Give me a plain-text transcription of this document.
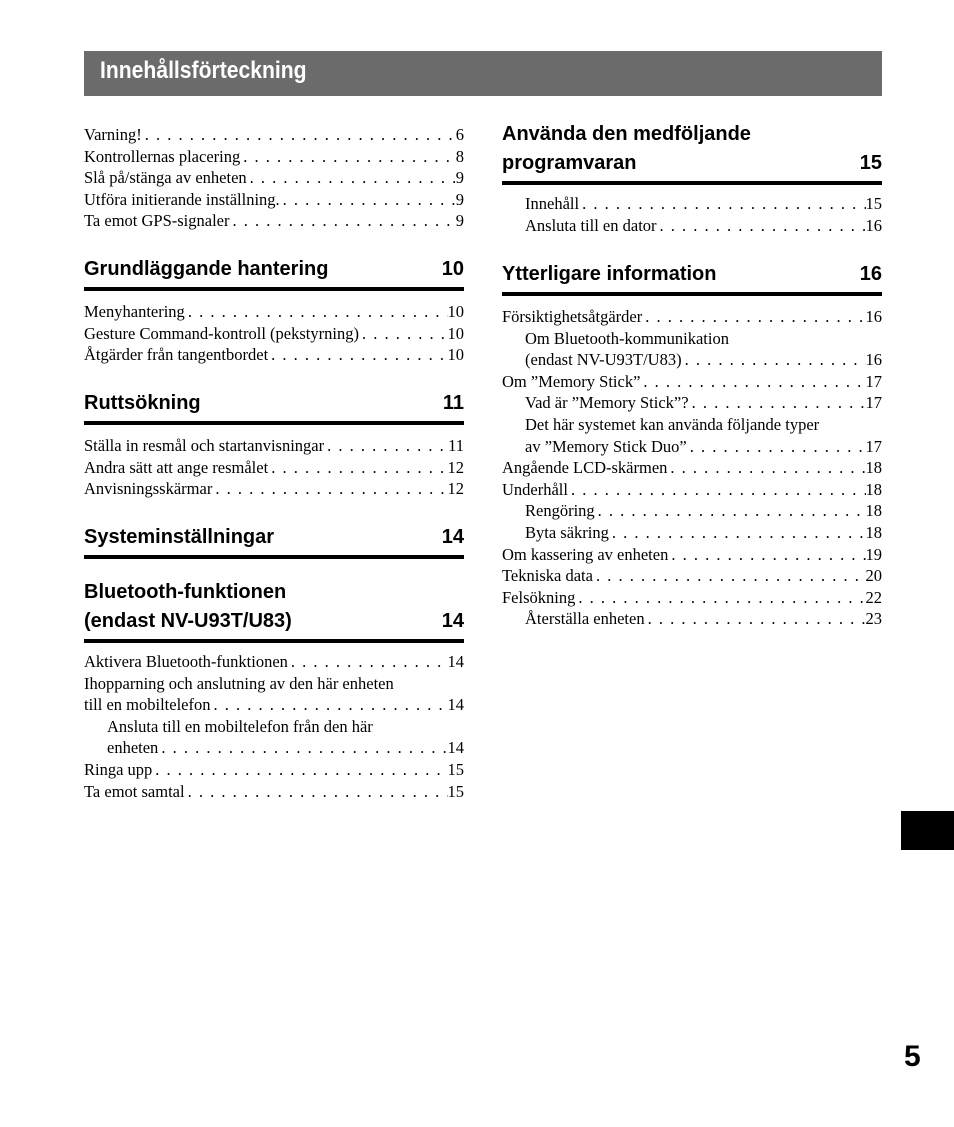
Innehållsförteckning
Varning! . . .	6
Kontrollernas placering . . .	8
Slå på/stänga av enheten . . .	9
Utföra initierande inställning. . . .	9
Ta emot GPS-signaler . . .	9
Grundläggande hantering	10
Menyhantering . . .	10
Gesture Command-kontroll (pekstyrning) . . .	10
Åtgärder från tangentbordet . . .	10
Ruttsökning	11
Ställa in resmål och startanvisningar . . .	11
Andra sätt att ange resmålet . . .	12
Anvisningsskärmar . . .	12
Systeminställningar	14
Bluetooth-funktionen
(endast NV-U93T/U83)	14
Aktivera Bluetooth-funktionen . . .	14
Ihopparning och anslutning av den här enheten
till en mobiltelefon . . .	14
Ansluta till en mobiltelefon från den här
enheten . . .	14
Ringa upp . . .	15
Ta emot samtal . . .	15
Använda den medföljande
programvaran	15
Innehåll . . .	15
Ansluta till en dator . . .	16
Ytterligare information	16
Försiktighetsåtgärder . . .	16
Om Bluetooth-kommunikation
(endast NV-U93T/U83) . . .	16
Om ”Memory Stick” . . .	17
Vad är ”Memory Stick”? . . .	17
Det här systemet kan använda följande typer
av ”Memory Stick Duo” . . .	17
Angående LCD-skärmen . . .	18
Underhåll . . .	18
Rengöring . . .	18
Byta säkring . . .	18
Om kassering av enheten . . .	19
Tekniska data . . .	20
Felsökning . . .	22
Återställa enheten . . .	23
5
